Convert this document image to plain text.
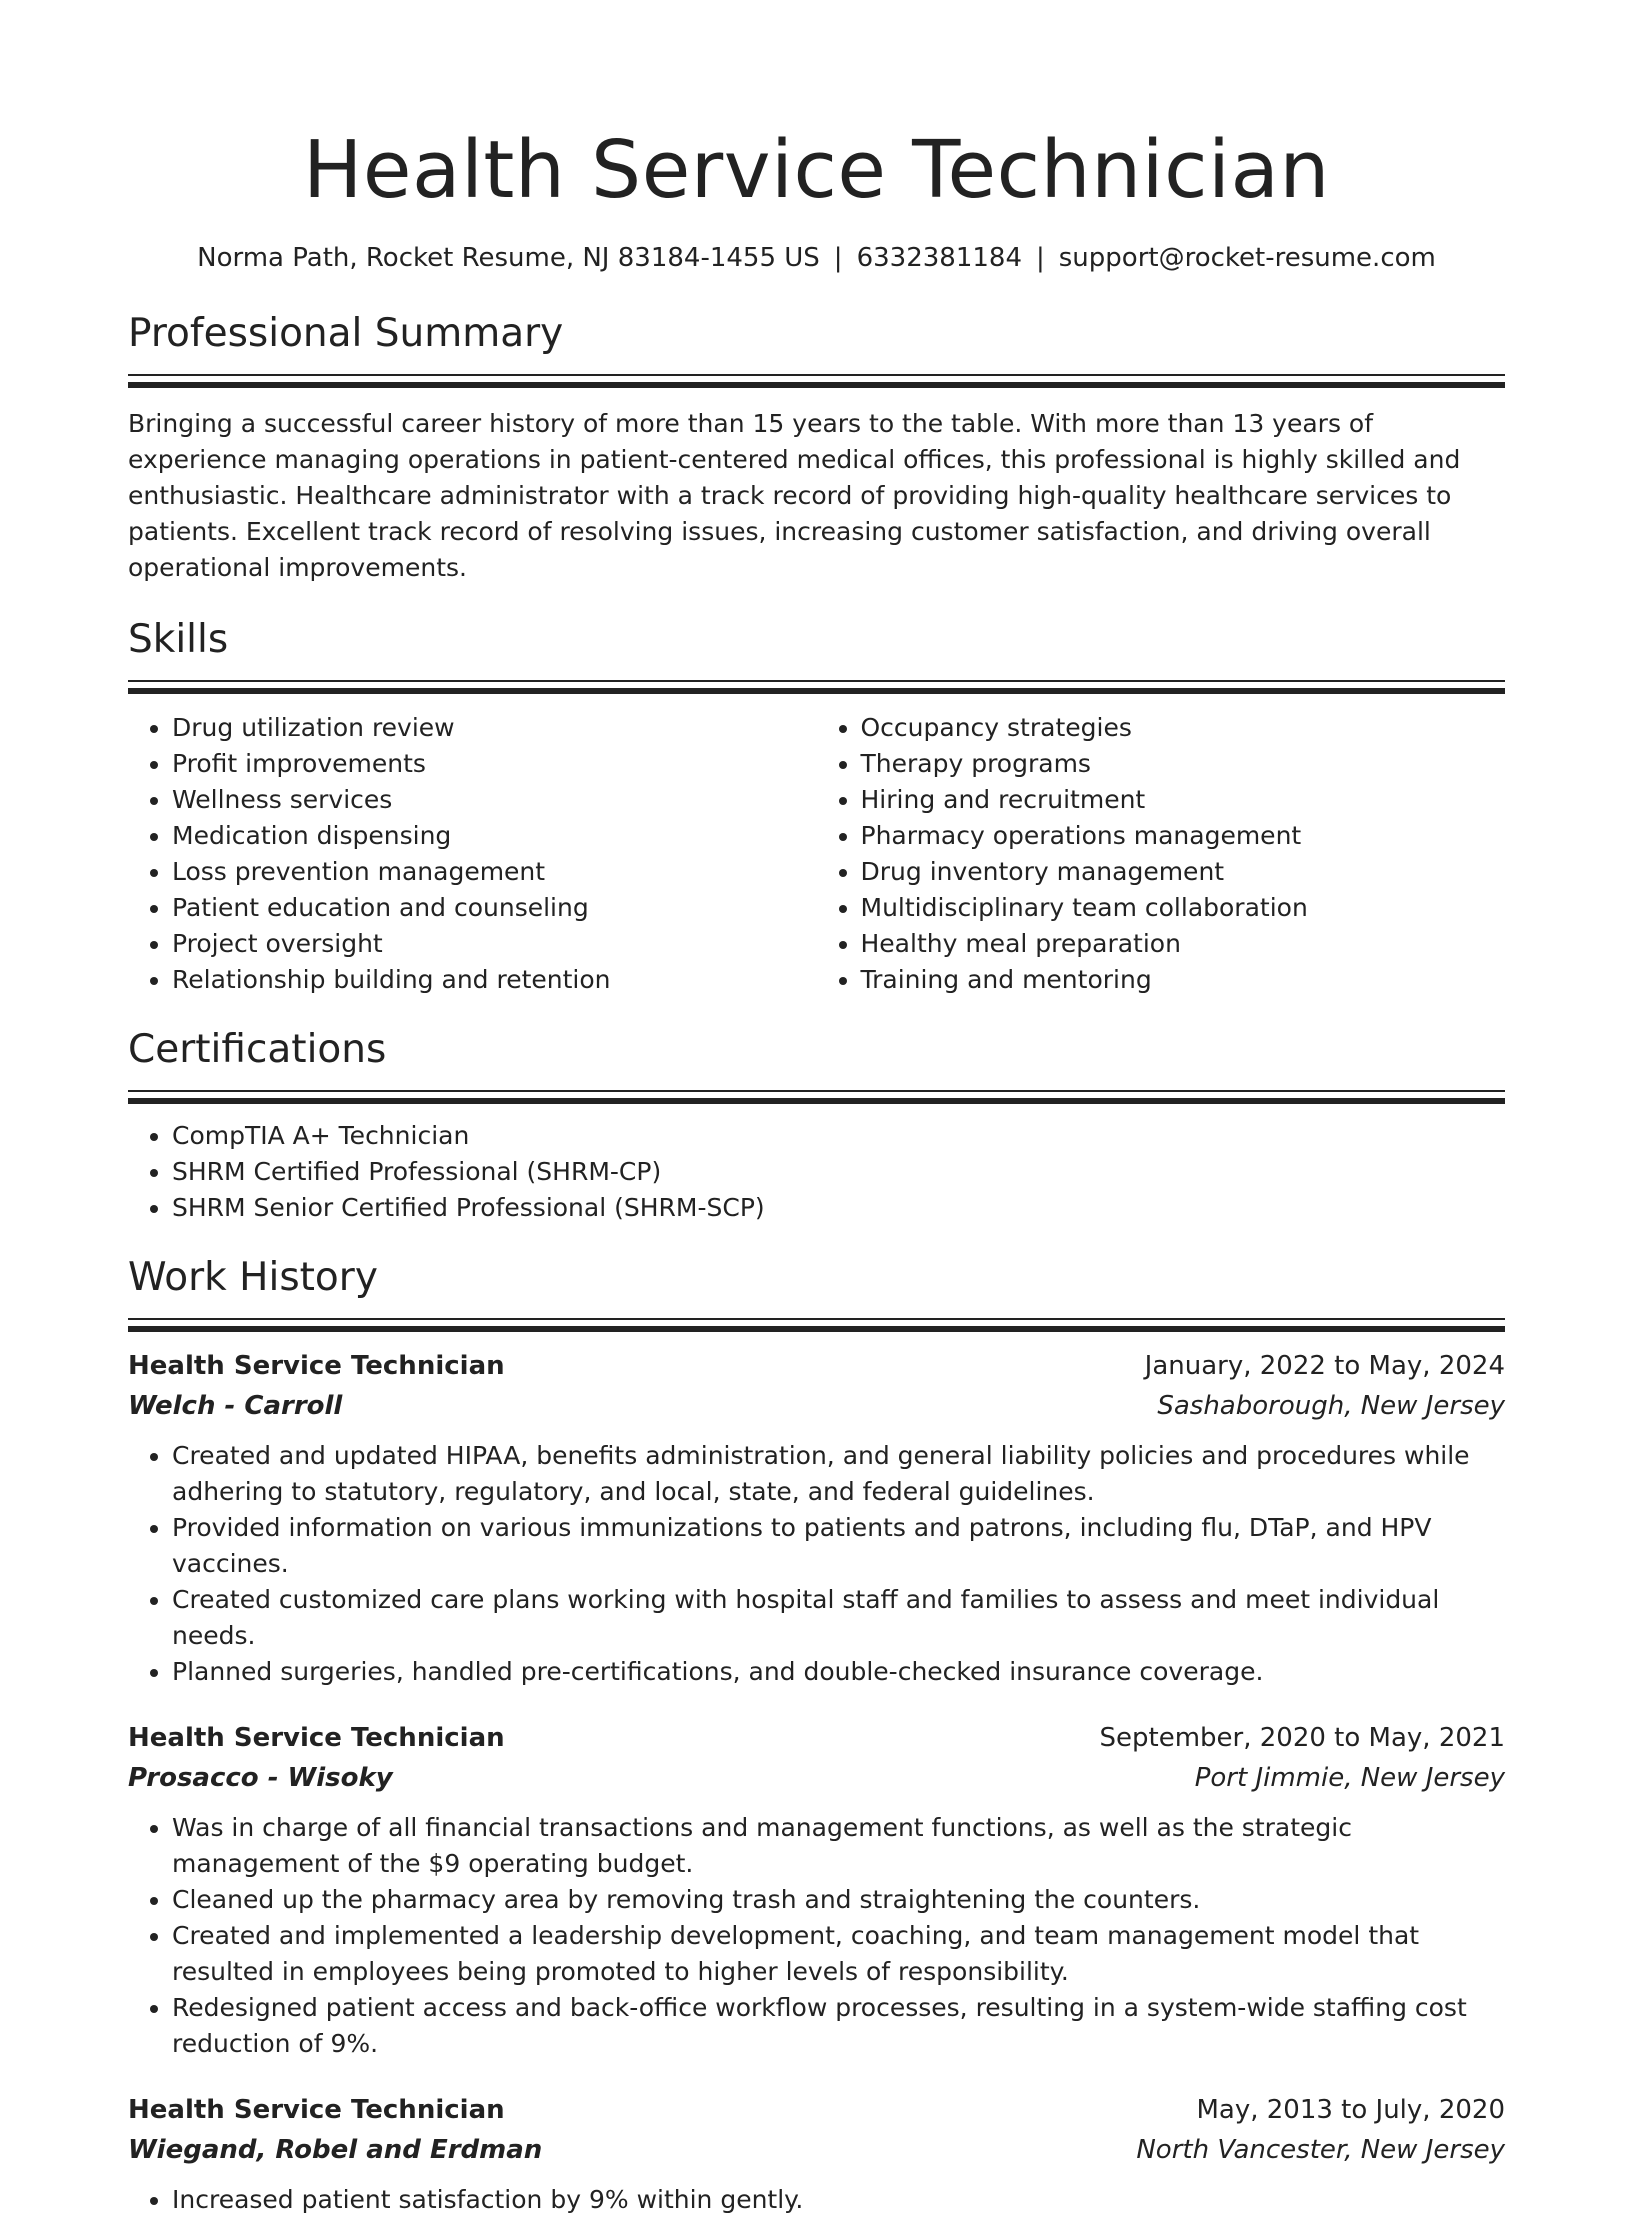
Health Service Technician
Norma Path, Rocket Resume, NJ 83184-1455 US | 6332381184 | support@rocket-resume.com
Professional Summary

Bringing a successful career history of more than 15 years to the table. With more than 13 years of experience managing operations in patient-centered medical offices, this professional is highly skilled and enthusiastic. Healthcare administrator with a track record of providing high-quality healthcare services to patients. Excellent track record of resolving issues, increasing customer satisfaction, and driving overall operational improvements.

Skills
• Drug utilization review
• Profit improvements
• Wellness services
• Medication dispensing
• Loss prevention management
• Patient education and counseling
• Project oversight
• Relationship building and retention
• Occupancy strategies
• Therapy programs
• Hiring and recruitment
• Pharmacy operations management
• Drug inventory management
• Multidisciplinary team collaboration
• Healthy meal preparation
• Training and mentoring
Certifications
• CompTIA A+ Technician
• SHRM Certified Professional (SHRM-CP)
• SHRM Senior Certified Professional (SHRM-SCP)
Work History
Health Service Technician	January, 2022 to May, 2024
Welch - Carroll	Sashaborough, New Jersey
• Created and updated HIPAA, benefits administration, and general liability policies and procedures while adhering to statutory, regulatory, and local, state, and federal guidelines.
• Provided information on various immunizations to patients and patrons, including flu, DTaP, and HPV vaccines.
• Created customized care plans working with hospital staff and families to assess and meet individual needs.
• Planned surgeries, handled pre-certifications, and double-checked insurance coverage.
Health Service Technician	September, 2020 to May, 2021
Prosacco - Wisoky	Port Jimmie, New Jersey
• Was in charge of all financial transactions and management functions, as well as the strategic management of the $9 operating budget.
• Cleaned up the pharmacy area by removing trash and straightening the counters.
• Created and implemented a leadership development, coaching, and team management model that resulted in employees being promoted to higher levels of responsibility.
• Redesigned patient access and back-office workflow processes, resulting in a system-wide staffing cost reduction of 9%.
Health Service Technician	May, 2013 to July, 2020
Wiegand, Robel and Erdman	North Vancester, New Jersey
• Increased patient satisfaction by 9% within gently.
